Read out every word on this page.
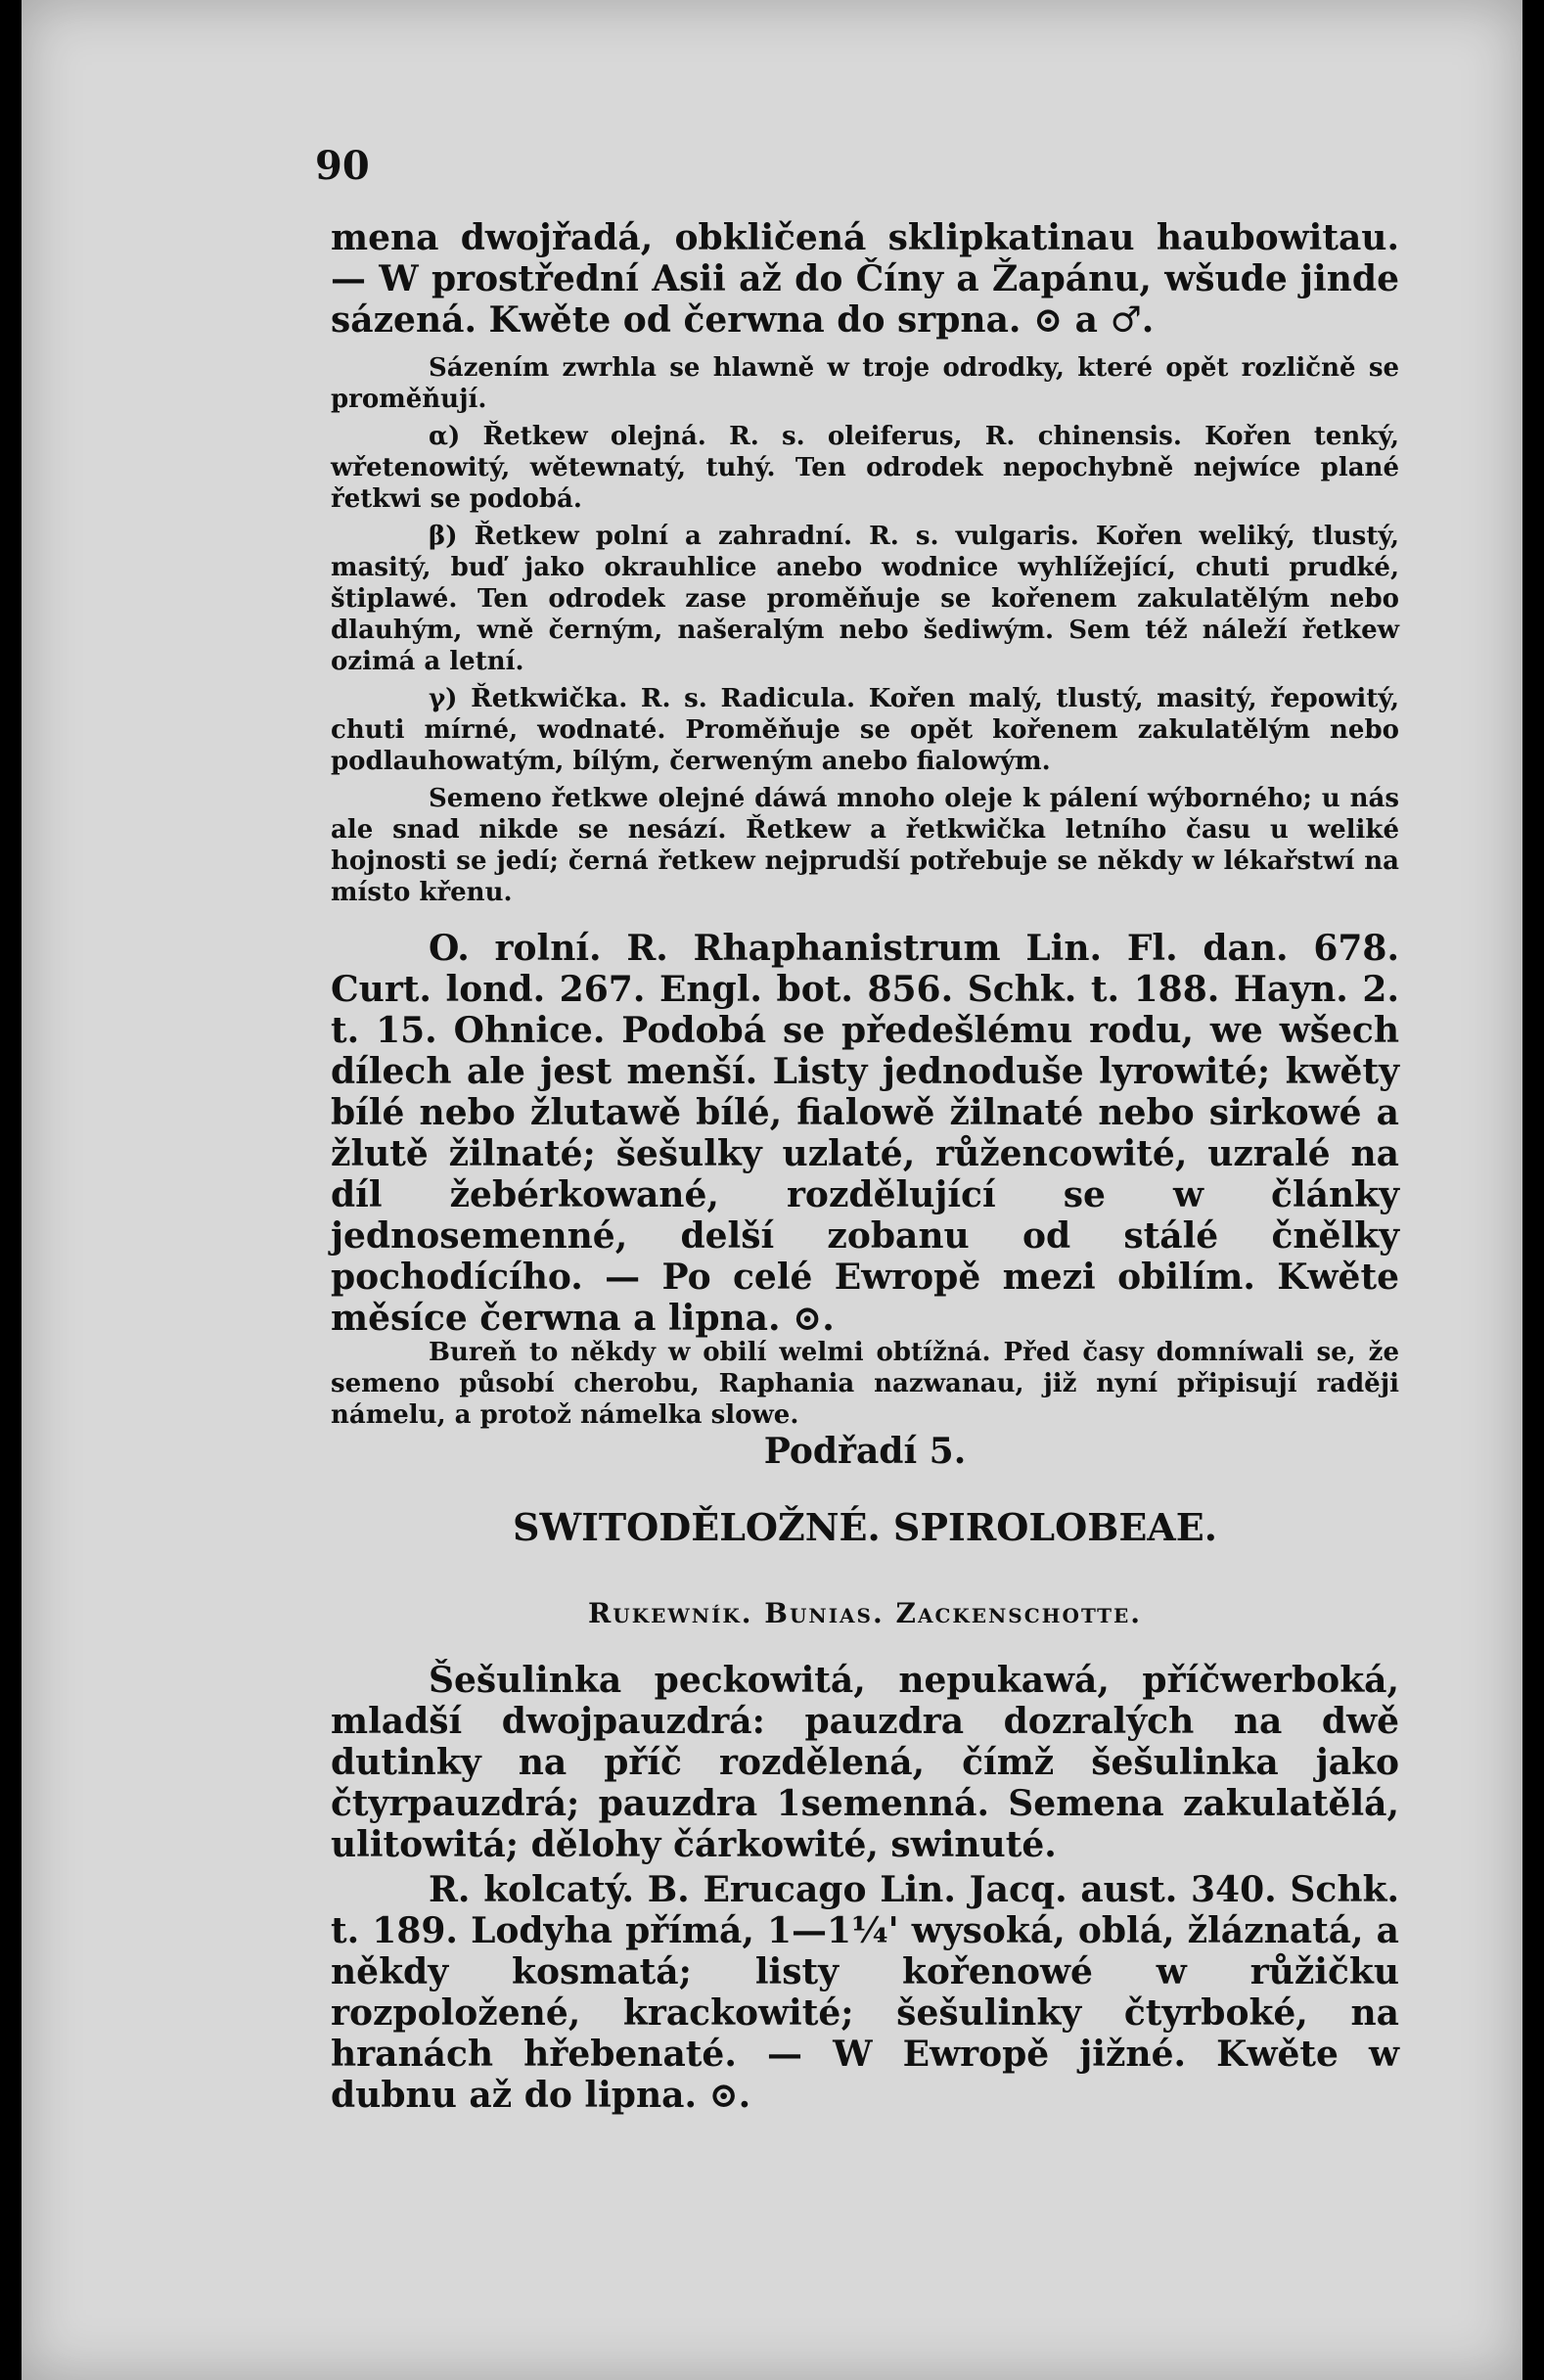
90

mena dwojřadá, obkličená sklipkatinau haubowitau. — W prostřední Asii až do Číny a Žapánu, wšude jinde sázená. Kwěte od čerwna do srpna. ⊙ a ♂.

Sázením zwrhla se hlawně w troje odrodky, které opět rozličně se proměňují.

α) Řetkew olejná. R. s. oleiferus, R. chinensis. Kořen tenký, wřetenowitý, wětewnatý, tuhý. Ten odrodek nepochybně nejwíce plané řetkwi se podobá.

β) Řetkew polní a zahradní. R. s. vulgaris. Kořen weliký, tlustý, masitý, buď jako okrauhlice anebo wodnice wyhlížející, chuti prudké, štiplawé. Ten odrodek zase proměňuje se kořenem zakulatělým nebo dlauhým, wně černým, našeralým nebo šediwým. Sem též náleží řetkew ozimá a letní.

γ) Řetkwička. R. s. Radicula. Kořen malý, tlustý, masitý, řepowitý, chuti mírné, wodnaté. Proměňuje se opět kořenem zakulatělým nebo podlauhowatým, bílým, čerweným anebo fialowým.

Semeno řetkwe olejné dáwá mnoho oleje k pálení wýborného; u nás ale snad nikde se nesází. Řetkew a řetkwička letního času u weliké hojnosti se jedí; černá řetkew nejprudší potřebuje se někdy w lékařstwí na místo křenu.

O. rolní. R. Rhaphanistrum Lin. Fl. dan. 678. Curt. lond. 267. Engl. bot. 856. Schk. t. 188. Hayn. 2. t. 15. Ohnice. Podobá se předešlému rodu, we wšech dílech ale jest menší. Listy jednoduše lyrowité; kwěty bílé nebo žlutawě bílé, fialowě žilnaté nebo sirkowé a žlutě žilnaté; šešulky uzlaté, růžencowité, uzralé na díl žebérkowané, rozdělující se w články jednosemenné, delší zobanu od stálé čnělky pochodícího. — Po celé Ewropě mezi obilím. Kwěte měsíce čerwna a lipna. ⊙.

Bureň to někdy w obilí welmi obtížná. Před časy domníwali se, že semeno působí cherobu, Raphania nazwanau, již nyní připisují raději námelu, a protož námelka slowe.

Podřadí 5.
SWITODĚLOŽNÉ. SPIROLOBEAE.
Rukewník. Bunias. Zackenschotte.

Šešulinka peckowitá, nepukawá, příčwerboká, mladší dwojpauzdrá: pauzdra dozralých na dwě dutinky na příč rozdělená, čímž šešulinka jako čtyrpauzdrá; pauzdra 1semenná. Semena zakulatělá, ulitowitá; dělohy čárkowité, swinuté.

R. kolcatý. B. Erucago Lin. Jacq. aust. 340. Schk. t. 189. Lodyha přímá, 1—1¼' wysoká, oblá, žláznatá, a někdy kosmatá; listy kořenowé w růžičku rozpoložené, krackowité; šešulinky čtyrboké, na hranách hřebenaté. — W Ewropě jižné. Kwěte w dubnu až do lipna. ⊙.
